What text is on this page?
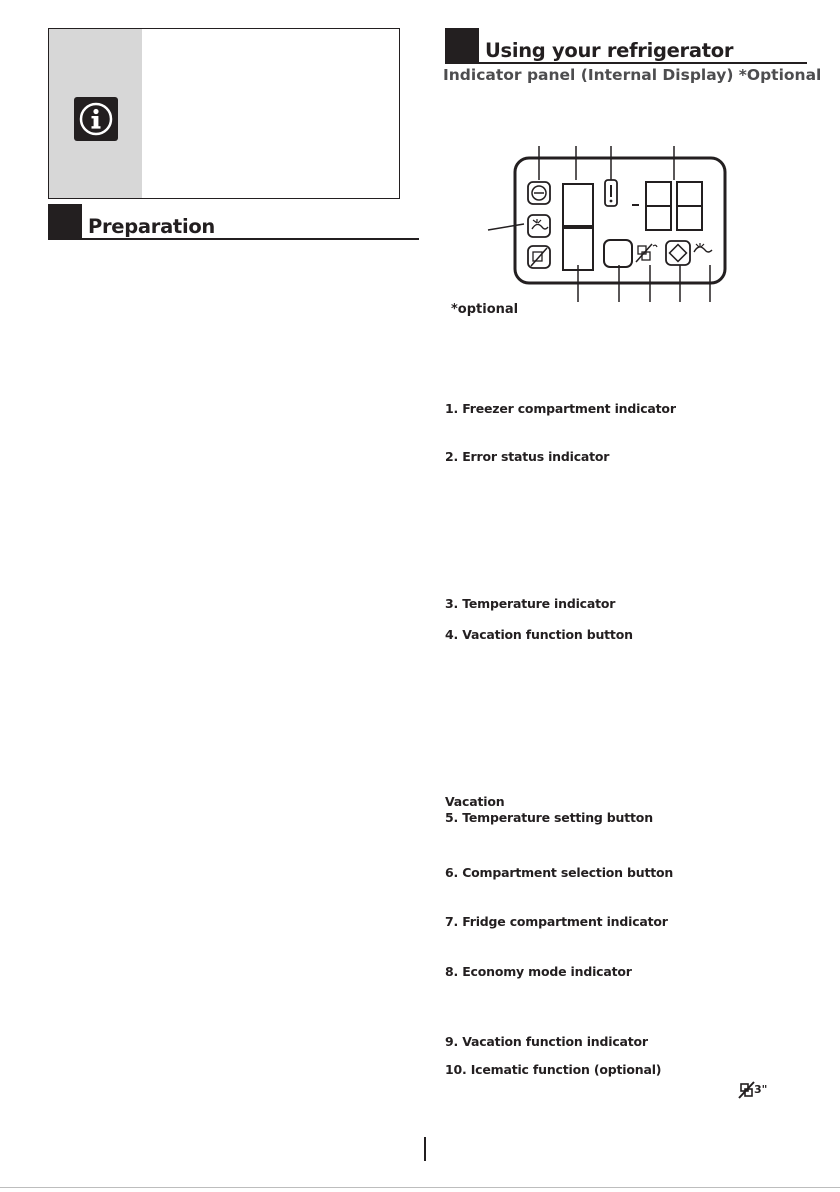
Preparation
Using your refrigerator
Indicator panel (Internal Display) *Optional
*optional
1. Freezer compartment indicator
2. Error status indicator
3. Temperature indicator
4. Vacation function button
Vacation
5. Temperature setting button
6. Compartment selection button
7. Fridge compartment indicator
8. Economy mode indicator
9. Vacation function indicator
10. Icematic function (optional)
3"
